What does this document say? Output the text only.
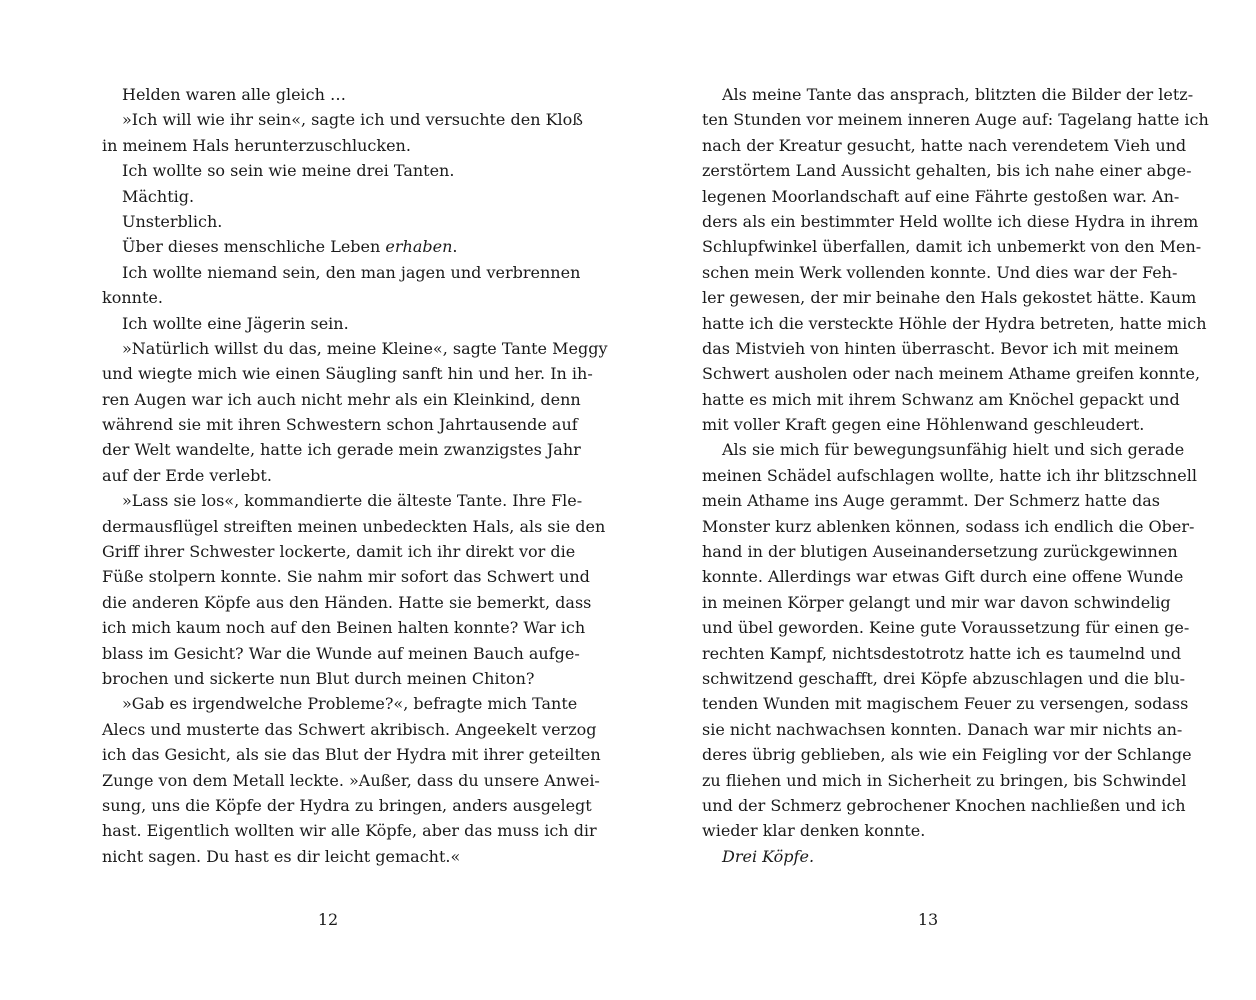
Helden waren alle gleich …
»Ich will wie ihr sein«, sagte ich und versuchte den Kloß
in meinem Hals herunterzuschlucken.
Ich wollte so sein wie meine drei Tanten.
Mächtig.
Unsterblich.
Über dieses menschliche Leben erhaben.
Ich wollte niemand sein, den man jagen und verbrennen
konnte.
Ich wollte eine Jägerin sein.
»Natürlich willst du das, meine Kleine«, sagte Tante Meggy
und wiegte mich wie einen Säugling sanft hin und her. In ih-
ren Augen war ich auch nicht mehr als ein Kleinkind, denn
während sie mit ihren Schwestern schon Jahrtausende auf
der Welt wandelte, hatte ich gerade mein zwanzigstes Jahr
auf der Erde verlebt.
»Lass sie los«, kommandierte die älteste Tante. Ihre Fle-
dermausflügel streiften meinen unbedeckten Hals, als sie den
Griff ihrer Schwester lockerte, damit ich ihr direkt vor die
Füße stolpern konnte. Sie nahm mir sofort das Schwert und
die anderen Köpfe aus den Händen. Hatte sie bemerkt, dass
ich mich kaum noch auf den Beinen halten konnte? War ich
blass im Gesicht? War die Wunde auf meinen Bauch aufge-
brochen und sickerte nun Blut durch meinen Chiton?
»Gab es irgendwelche Probleme?«, befragte mich Tante
Alecs und musterte das Schwert akribisch. Angeekelt verzog
ich das Gesicht, als sie das Blut der Hydra mit ihrer geteilten
Zunge von dem Metall leckte. »Außer, dass du unsere Anwei-
sung, uns die Köpfe der Hydra zu bringen, anders ausgelegt
hast. Eigentlich wollten wir alle Köpfe, aber das muss ich dir
nicht sagen. Du hast es dir leicht gemacht.«
12
Als meine Tante das ansprach, blitzten die Bilder der letz-
ten Stunden vor meinem inneren Auge auf: Tagelang hatte ich
nach der Kreatur gesucht, hatte nach verendetem Vieh und
zerstörtem Land Aussicht gehalten, bis ich nahe einer abge-
legenen Moorlandschaft auf eine Fährte gestoßen war. An-
ders als ein bestimmter Held wollte ich diese Hydra in ihrem
Schlupfwinkel überfallen, damit ich unbemerkt von den Men-
schen mein Werk vollenden konnte. Und dies war der Feh-
ler gewesen, der mir beinahe den Hals gekostet hätte. Kaum
hatte ich die versteckte Höhle der Hydra betreten, hatte mich
das Mistvieh von hinten überrascht. Bevor ich mit meinem
Schwert ausholen oder nach meinem Athame greifen konnte,
hatte es mich mit ihrem Schwanz am Knöchel gepackt und
mit voller Kraft gegen eine Höhlenwand geschleudert.
Als sie mich für bewegungsunfähig hielt und sich gerade
meinen Schädel aufschlagen wollte, hatte ich ihr blitzschnell
mein Athame ins Auge gerammt. Der Schmerz hatte das
Monster kurz ablenken können, sodass ich endlich die Ober-
hand in der blutigen Auseinandersetzung zurückgewinnen
konnte. Allerdings war etwas Gift durch eine offene Wunde
in meinen Körper gelangt und mir war davon schwindelig
und übel geworden. Keine gute Voraussetzung für einen ge-
rechten Kampf, nichtsdestotrotz hatte ich es taumelnd und
schwitzend geschafft, drei Köpfe abzuschlagen und die blu-
tenden Wunden mit magischem Feuer zu versengen, sodass
sie nicht nachwachsen konnten. Danach war mir nichts an-
deres übrig geblieben, als wie ein Feigling vor der Schlange
zu fliehen und mich in Sicherheit zu bringen, bis Schwindel
und der Schmerz gebrochener Knochen nachließen und ich
wieder klar denken konnte.
Drei Köpfe.
13
